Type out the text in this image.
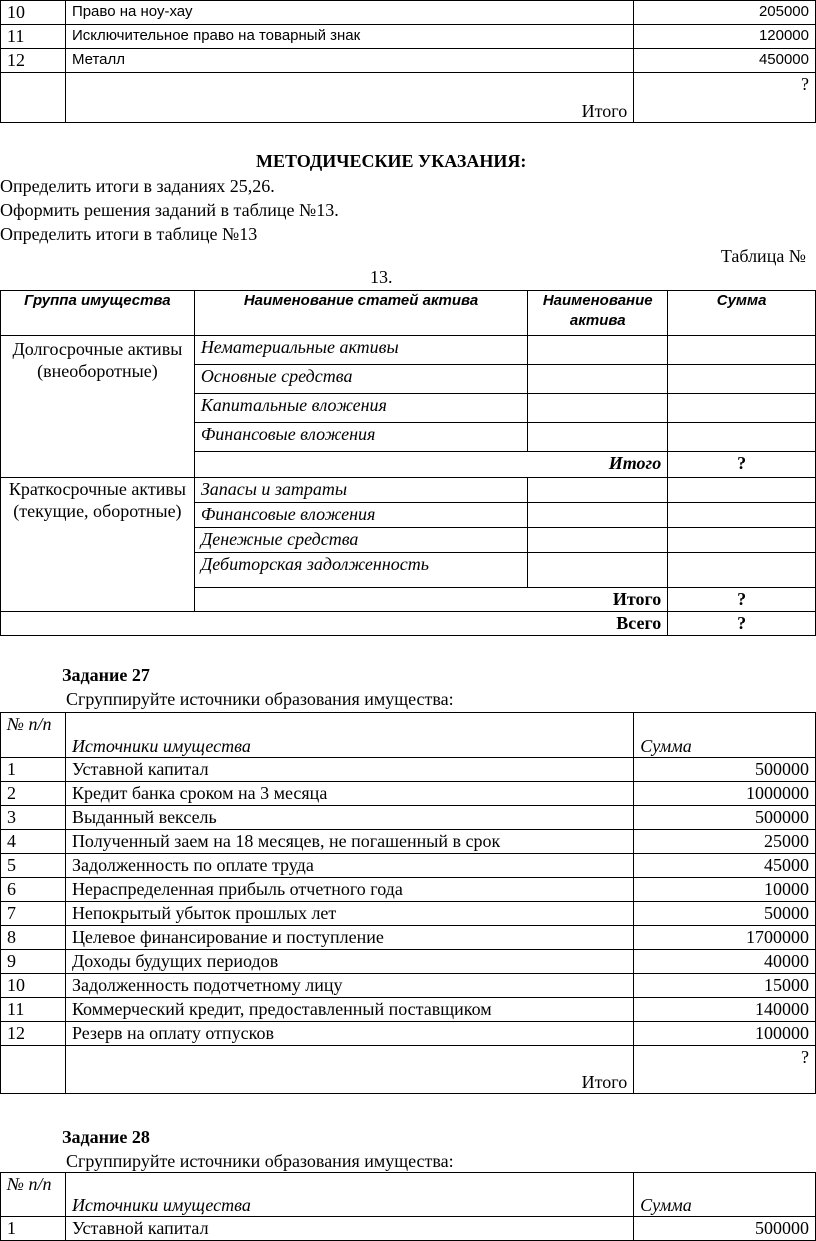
10	Право на ноу-хау	205000
11	Исключительное право на товарный знак	120000
12	Металл	450000
	Итого	?
МЕТОДИЧЕСКИЕ УКАЗАНИЯ:
Определить итоги в заданиях 25,26.
Оформить решения заданий в таблице №13.
Определить итоги в таблице №13
Таблица №
13.
Группа имущества	Наименование статей актива	Наименование актива	Сумма
Долгосрочные активы (внеоборотные)	Нематериальные активы		
	Основные средства		
	Капитальные вложения		
	Финансовые вложения		
	Итого		?
Краткосрочные активы (текущие, оборотные)	Запасы и затраты		
	Финансовые вложения		
	Денежные средства		
	Дебиторская задолженность		
	Итого		?
Всего			?
Задание 27
Сгруппируйте источники образования имущества:
№ п/п	Источники имущества	Сумма
1	Уставной капитал	500000
2	Кредит банка сроком на 3 месяца	1000000
3	Выданный вексель	500000
4	Полученный заем на 18 месяцев, не погашенный в срок	25000
5	Задолженность по оплате труда	45000
6	Нераспределенная прибыль отчетного года	10000
7	Непокрытый убыток прошлых лет	50000
8	Целевое финансирование и поступление	1700000
9	Доходы будущих периодов	40000
10	Задолженность подотчетному лицу	15000
11	Коммерческий кредит, предоставленный поставщиком	140000
12	Резерв на оплату отпусков	100000
	Итого	?
Задание 28
Сгруппируйте источники образования имущества:
№ п/п	Источники имущества	Сумма
1	Уставной капитал	500000
